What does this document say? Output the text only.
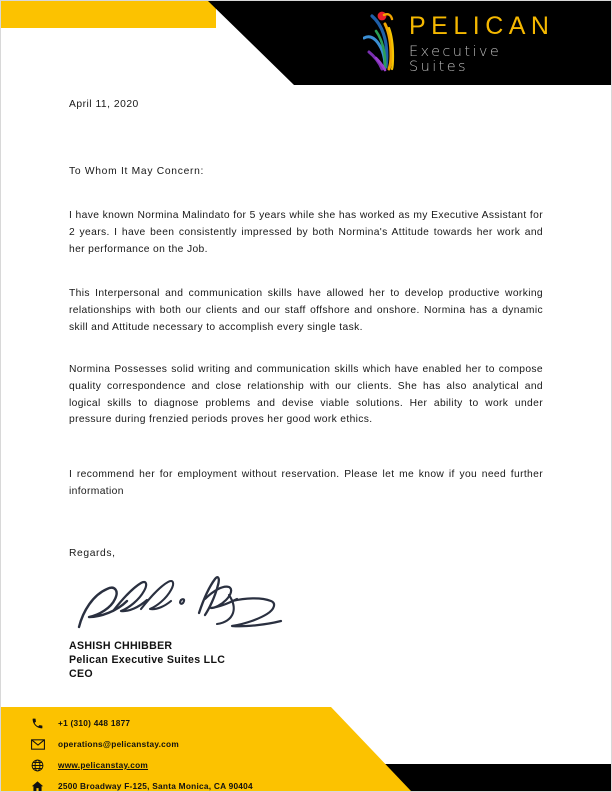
PELICAN
Executive Suites

April 11, 2020

To Whom It May Concern:

I have known Normina Malindato for 5 years while she has worked as my Executive Assistant for 2 years. I have been consistently impressed by both Normina's Attitude towards her work and her performance on the Job.

This Interpersonal and communication skills have allowed her to develop productive working relationships with both our clients and our staff offshore and onshore. Normina has a dynamic skill and Attitude necessary to accomplish every single task.

Normina Possesses solid writing and communication skills which have enabled her to compose quality correspondence and close relationship with our clients. She has also analytical and logical skills to diagnose problems and devise viable solutions. Her ability to work under pressure during frenzied periods proves her good work ethics.

I recommend her for employment without reservation. Please let me know if you need further information

Regards,

ASHISH CHHIBBER

Pelican Executive Suites LLC

CEO

+1 (310) 448 1877
operations@pelicanstay.com
www.pelicanstay.com
2500 Broadway F-125, Santa Monica, CA 90404
